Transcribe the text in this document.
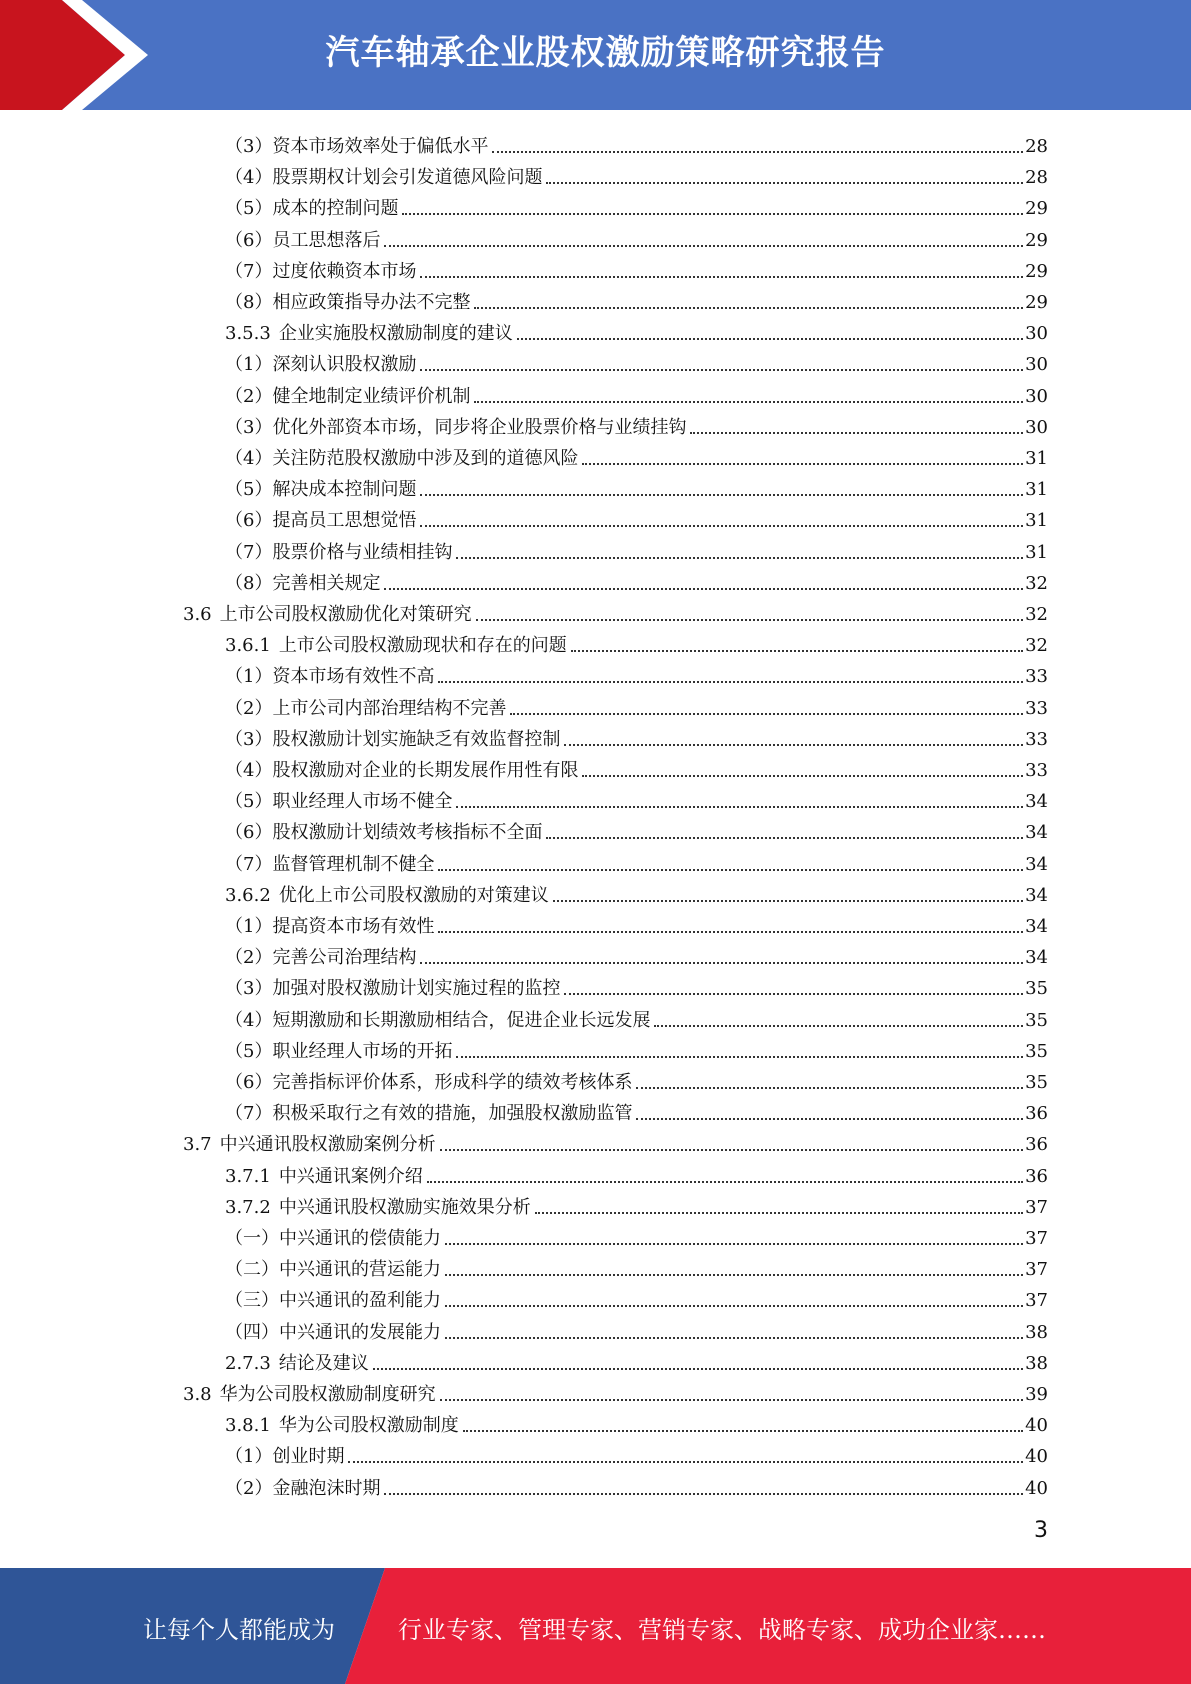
汽车轴承企业股权激励策略研究报告
（3）资本市场效率处于偏低水平	28
（4）股票期权计划会引发道德风险问题	28
（5）成本的控制问题	29
（6）员工思想落后	29
（7）过度依赖资本市场	29
（8）相应政策指导办法不完整	29
3.5.3 企业实施股权激励制度的建议	30
（1）深刻认识股权激励	30
（2）健全地制定业绩评价机制	30
（3）优化外部资本市场，同步将企业股票价格与业绩挂钩	30
（4）关注防范股权激励中涉及到的道德风险	31
（5）解决成本控制问题	31
（6）提高员工思想觉悟	31
（7）股票价格与业绩相挂钩	31
（8）完善相关规定	32
3.6 上市公司股权激励优化对策研究	32
3.6.1 上市公司股权激励现状和存在的问题	32
（1）资本市场有效性不高	33
（2）上市公司内部治理结构不完善	33
（3）股权激励计划实施缺乏有效监督控制	33
（4）股权激励对企业的长期发展作用性有限	33
（5）职业经理人市场不健全	34
（6）股权激励计划绩效考核指标不全面	34
（7）监督管理机制不健全	34
3.6.2 优化上市公司股权激励的对策建议	34
（1）提高资本市场有效性	34
（2）完善公司治理结构	34
（3）加强对股权激励计划实施过程的监控	35
（4）短期激励和长期激励相结合，促进企业长远发展	35
（5）职业经理人市场的开拓	35
（6）完善指标评价体系，形成科学的绩效考核体系	35
（7）积极采取行之有效的措施，加强股权激励监管	36
3.7 中兴通讯股权激励案例分析	36
3.7.1 中兴通讯案例介绍	36
3.7.2 中兴通讯股权激励实施效果分析	37
（一）中兴通讯的偿债能力	37
（二）中兴通讯的营运能力	37
（三）中兴通讯的盈利能力	37
（四）中兴通讯的发展能力	38
2.7.3 结论及建议	38
3.8 华为公司股权激励制度研究	39
3.8.1 华为公司股权激励制度	40
（1）创业时期	40
（2）金融泡沫时期	40
3
让每个人都能成为	行业专家、管理专家、营销专家、战略专家、成功企业家……
